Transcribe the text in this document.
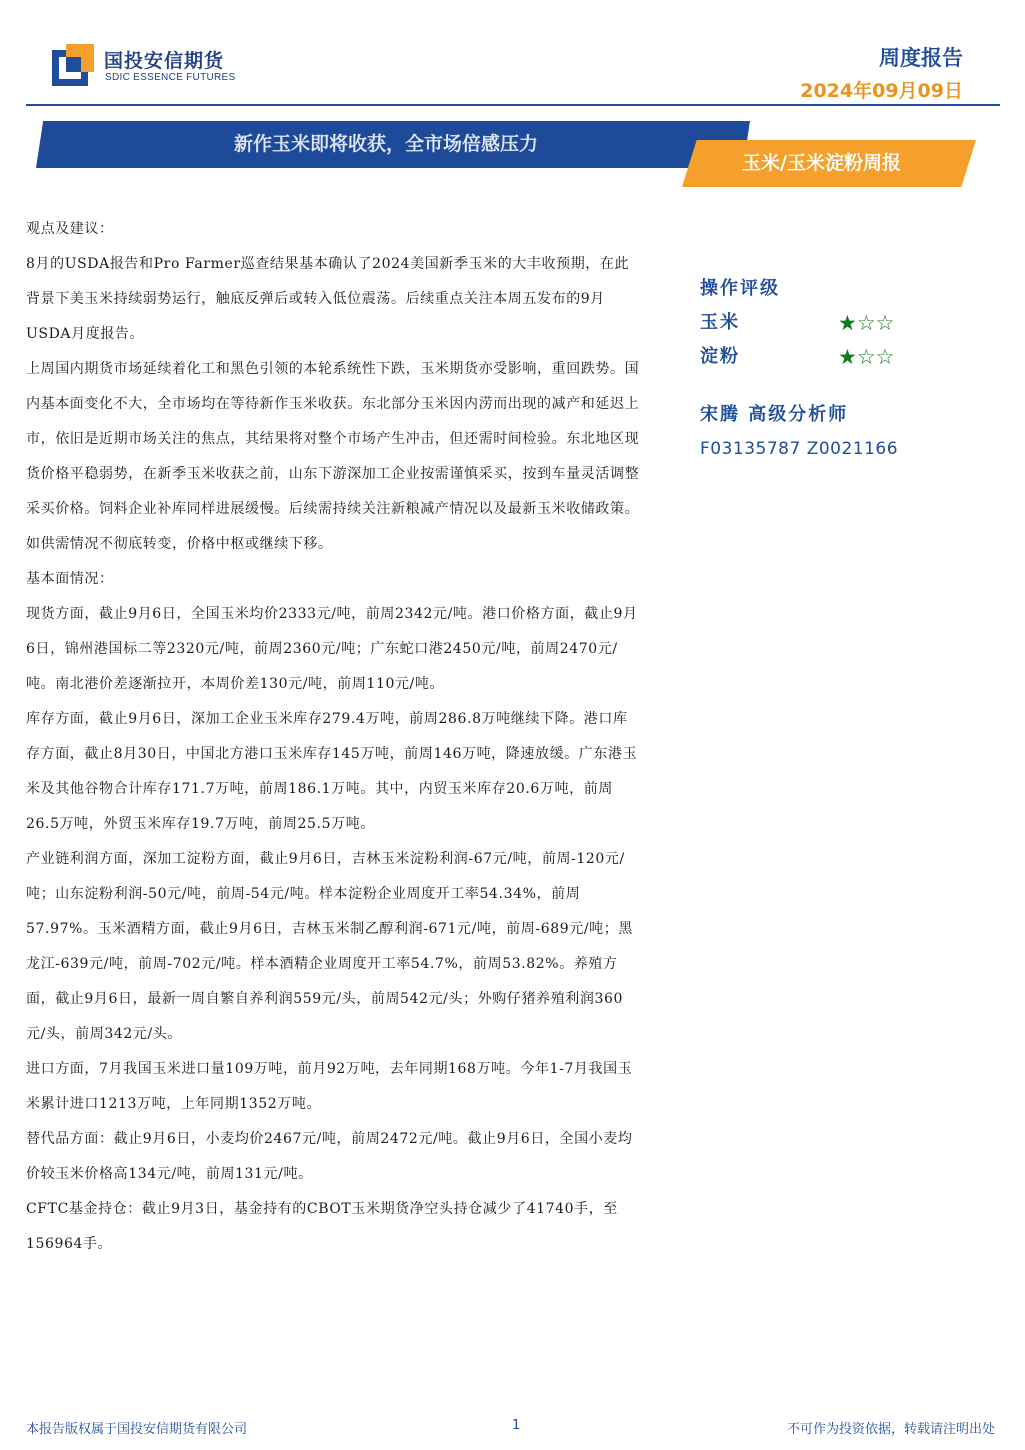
国投安信期货
SDIC ESSENCE FUTURES
周度报告
2024年09月09日
新作玉米即将收获，全市场倍感压力
玉米/玉米淀粉周报

观点及建议：

8月的USDA报告和Pro Farmer巡查结果基本确认了2024美国新季玉米的大丰收预期，在此背景下美玉米持续弱势运行，触底反弹后或转入低位震荡。后续重点关注本周五发布的9月USDA月度报告。

上周国内期货市场延续着化工和黑色引领的本轮系统性下跌，玉米期货亦受影响，重回跌势。国内基本面变化不大，全市场均在等待新作玉米收获。东北部分玉米因内涝而出现的减产和延迟上市，依旧是近期市场关注的焦点，其结果将对整个市场产生冲击，但还需时间检验。东北地区现货价格平稳弱势，在新季玉米收获之前，山东下游深加工企业按需谨慎采买，按到车量灵活调整采买价格。饲料企业补库同样进展缓慢。后续需持续关注新粮减产情况以及最新玉米收储政策。如供需情况不彻底转变，价格中枢或继续下移。

基本面情况：

现货方面，截止9月6日，全国玉米均价2333元/吨，前周2342元/吨。港口价格方面，截止9月6日，锦州港国标二等2320元/吨，前周2360元/吨；广东蛇口港2450元/吨，前周2470元/吨。南北港价差逐渐拉开，本周价差130元/吨，前周110元/吨。

库存方面，截止9月6日，深加工企业玉米库存279.4万吨，前周286.8万吨继续下降。港口库存方面，截止8月30日，中国北方港口玉米库存145万吨，前周146万吨，降速放缓。广东港玉米及其他谷物合计库存171.7万吨，前周186.1万吨。其中，内贸玉米库存20.6万吨，前周26.5万吨，外贸玉米库存19.7万吨，前周25.5万吨。

产业链利润方面，深加工淀粉方面，截止9月6日，吉林玉米淀粉利润-67元/吨，前周-120元/吨；山东淀粉利润-50元/吨，前周-54元/吨。样本淀粉企业周度开工率54.34%，前周57.97%。玉米酒精方面，截止9月6日，吉林玉米制乙醇利润-671元/吨，前周-689元/吨；黑龙江-639元/吨，前周-702元/吨。样本酒精企业周度开工率54.7%，前周53.82%。养殖方面，截止9月6日，最新一周自繁自养利润559元/头，前周542元/头；外购仔猪养殖利润360元/头，前周342元/头。

进口方面，7月我国玉米进口量109万吨，前月92万吨，去年同期168万吨。今年1-7月我国玉米累计进口1213万吨，上年同期1352万吨。

替代品方面：截止9月6日，小麦均价2467元/吨，前周2472元/吨。截止9月6日，全国小麦均价较玉米价格高134元/吨，前周131元/吨。

CFTC基金持仓：截止9月3日，基金持有的CBOT玉米期货净空头持仓减少了41740手，至156964手。

操作评级
玉米	★☆☆
淀粉	★☆☆
宋腾 高级分析师
F03135787 Z0021166
本报告版权属于国投安信期货有限公司	1	不可作为投资依据，转载请注明出处
